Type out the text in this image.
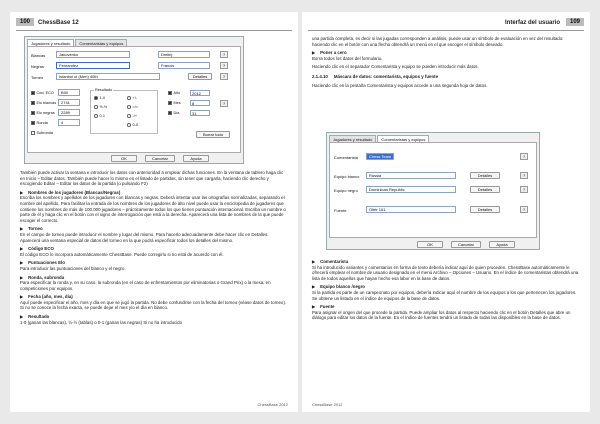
100	ChessBase 12
Jugadores y resultado	Comentaristas y equipos
Blancas	Jakovenko	Dmitrij	?
Negras	Fernandez	Francis	?
Torneo	Istanbul ol (Men) 40th	Detalles	?
Cód. ECO	B90
Elo blancas	2741
Elo negras	2289
Ronda	4
Subronda
Resultado
1-0
½-½
0-1
+/-
=/=
-/+
0-0
Año	2012
Mes	8
Día	31
?
Borrar todo
OK	Cancelar	Ayuda

También puede activar la ventana e introducir los datos con anterioridad a emplear dichas funciones. En la ventana de tablero haga clic en Inicio – Editar datos. También puede hacer lo mismo en el listado de partidas, sin tener que cargarla, haciendo clic derecho y escogiendo Editar – Editar los datos de la partida (o pulsando F2)

▶ Nombres de los jugadores (Blancas/Negras)

Escriba los nombres y apellidos de los jugadores con blancas y negras. Deberá intentar usar las ortografías normalizadas, separando el nombre del apellido. Para facilitar la entrada de los nombres de los jugadores de alto nivel puede usar la enciclopedia de jugadores que contiene los nombres de más de 100.000 jugadores – prácticamente todos los que tienen puntuación internacional. Escriba un nombre o parte de él y haga clic en el botón con el signo de interrogación que está a la derecha. Aparecerá una lista de nombres de la que puede escoger el correcto.

▶ Torneo

En el campo de torneo puede introducir el nombre y lugar del mismo. Para hacerlo adecuadamente debe hacer clic en Detalles. Aparecerá una ventana especial de datos del torneo en la que podrá especificar todos los detalles del mismo.

▶ Código ECO

El código ECO lo incorpora automáticamente ChessBase. Puede corregirlo si no está de acuerdo con él.

▶ Puntuaciones Elo

Para introducir las puntuaciones del blanco y el negro.

▶ Ronda, subronda

Para especificar la ronda y, en su caso, la subronda (en el caso de enfrentamientos por eliminatorias o Grand Prix) o la mesa, en competiciones por equipos.

▶ Fecha (año, mes, día)

Aquí puede especificar el año, mes y día en que se jugó la partida. No debe confundirse con la fecha del torneo (véase datos de torneo). Si no se conoce la fecha exacta, se puede dejar el mes y/o el día en blanco.

▶ Resultado

1-0 (ganan las blancas), ½-½ (tablas) o 0-1 (ganan las negras) Si no ha introducido

ChessBase 2012
Interfaz del usuario	109

una partida completa, es decir si las jugadas corresponden a análisis, puede usar un símbolo de evaluación en vez del resultado: haciendo clic en el botón con una flecha obtendrá un menú en el que escoger el símbolo deseado.

▶ Poner a cero

Borra todos los datos del formulario.

Haciendo clic en el separador Comentarista y equipo se pueden introducir más datos.

2.1.4.10 Máscara de datos: comentarista, equipos y fuente

Haciendo clic en la pestaña Comentarista y equipos accede a una segunda hoja de datos.

Jugadores y resultado	Comentaristas y equipos
Comentarista	Chess Team	?
Equipo blanco	Russia	Detalles	?
Equipo negro	Dominican Republic	Detalles	?
Fuente	Olbtr 161	Detalles	?
OK	Cancelar	Ayuda
▶ Comentarista

Si ha introducido variantes y comentarios en forma de texto debería indicar aquí de quien proceden. ChessBase automáticamente le ofrecerá emplear el nombre de usuario designado en el menú Archivo – Opciones – Usuario. En el índice de comentaristas obtendrá una lista de todos aquellos que hayan hecho esa labor en la base de datos.

▶ Equipo blanco /negro

Si la partida es parte de un campeonato por equipos, debería indicar aquí el nombre de los equipos a los que pertenecen los jugadores. Se obtiene un listado en el índice de equipos de la base de datos.

▶ Fuente

Para asignar el origen del que procede la partida. Puede ampliar los datos al respecto haciendo clic en el botón Detalles que abre un diálogo para editar los datos de la fuente. En el índice de fuentes tendrá un listado de todas las disponibles en la base de datos.

ChessBase 2012
